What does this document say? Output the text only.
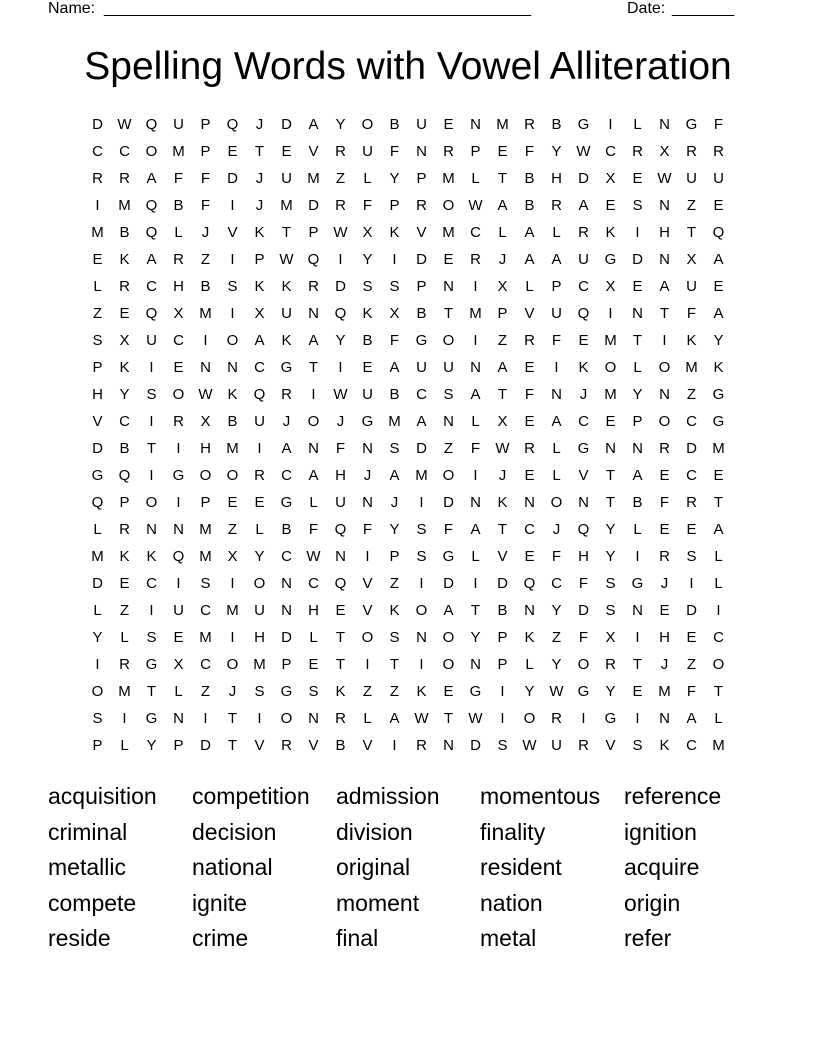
Name: ________________________________________________	Date: _______
Spelling Words with Vowel Alliteration
D W Q	U	P	Q	J	D	A	Y	O	B	U	E	N	M	R	B	G	I	L	N	G	F
C	C	O M	P	E	T	E	V	R	U	F	N	R	P	E	F	Y W C	R	X	R	R
R	R	A	F	F	D	J	U	M	Z	L	Y	P	M	L	T	B	H	D	X	E W U	U
I	M Q	B	F	I	J	M	D	R	F	P	R	O W A	B	R	A	E	S	N	Z	E
M	B	Q	L	J	V	K	T	P W X	K	V	M	C	L	A	L	R	K	I	H	T	Q
E	K	A	R	Z	I	P W Q	I	Y	I	D	E	R	J	A	A	U	G	D	N	X	A
L	R	C	H	B	S	K	K	R	D	S	S	P	N	I	X	L	P	C	X	E	A	U	E
Z	E	Q	X	M	I	X	U	N	Q	K	X	B	T	M	P	V	U	Q	I	N	T	F	A
S	X	U	C	I	O	A	K	A	Y	B	F	G	O	I	Z	R	F	E	M	T	I	K	Y
P	K	I	E	N	N	C	G	T	I	E	A	U	U	N	A	E	I	K	O	L	O M	K
H	Y	S	O W K	Q	R	I	W U	B	C	S	A	T	F	N	J	M	Y	N	Z	G
V	C	I	R	X	B	U	J	O	J	G M	A	N	L	X	E	A	C	E	P	O	C	G
D	B	T	I	H	M	I	A	N	F	N	S	D	Z	F	W R	L	G	N	N	R	D	M
G	Q	I	G	O	O	R	C	A	H	J	A	M O	I	J	E	L	V	T	A	E	C	E
Q	P	O	I	P	E	E	G	L	U	N	J	I	D	N	K	N	O	N	T	B	F	R	T
L	R	N	N	M	Z	L	B	F	Q	F	Y	S	F	A	T	C	J	Q	Y	L	E	E	A
M	K	K	Q M	X	Y	C W N	I	P	S	G	L	V	E	F	H	Y	I	R	S	L
D	E	C	I	S	I	O	N	C	Q	V	Z	I	D	I	D	Q	C	F	S	G	J	I	L
L	Z	I	U	C	M	U	N	H	E	V	K	O	A	T	B	N	Y	D	S	N	E	D	I
Y	L	S	E	M	I	H	D	L	T	O	S	N	O	Y	P	K	Z	F	X	I	H	E	C
I	R	G	X	C	O M	P	E	T	I	T	I	O	N	P	L	Y	O	R	T	J	Z	O
O M	T	L	Z	J	S	G	S	K	Z	Z	K	E	G	I	Y W G	Y	E	M	F	T
S	I	G	N	I	T	I	O	N	R	L	A W	T	W	I	O	R	I	G	I	N	A	L
P	L	Y	P	D	T	V	R	V	B	V	I	R	N	D	S W U	R	V	S	K	C	M
acquisition	competition	admission	momentous	reference
criminal	decision	division	finality	ignition
metallic	national	original	resident	acquire
compete	ignite	moment	nation	origin
reside	crime	final	metal	refer
